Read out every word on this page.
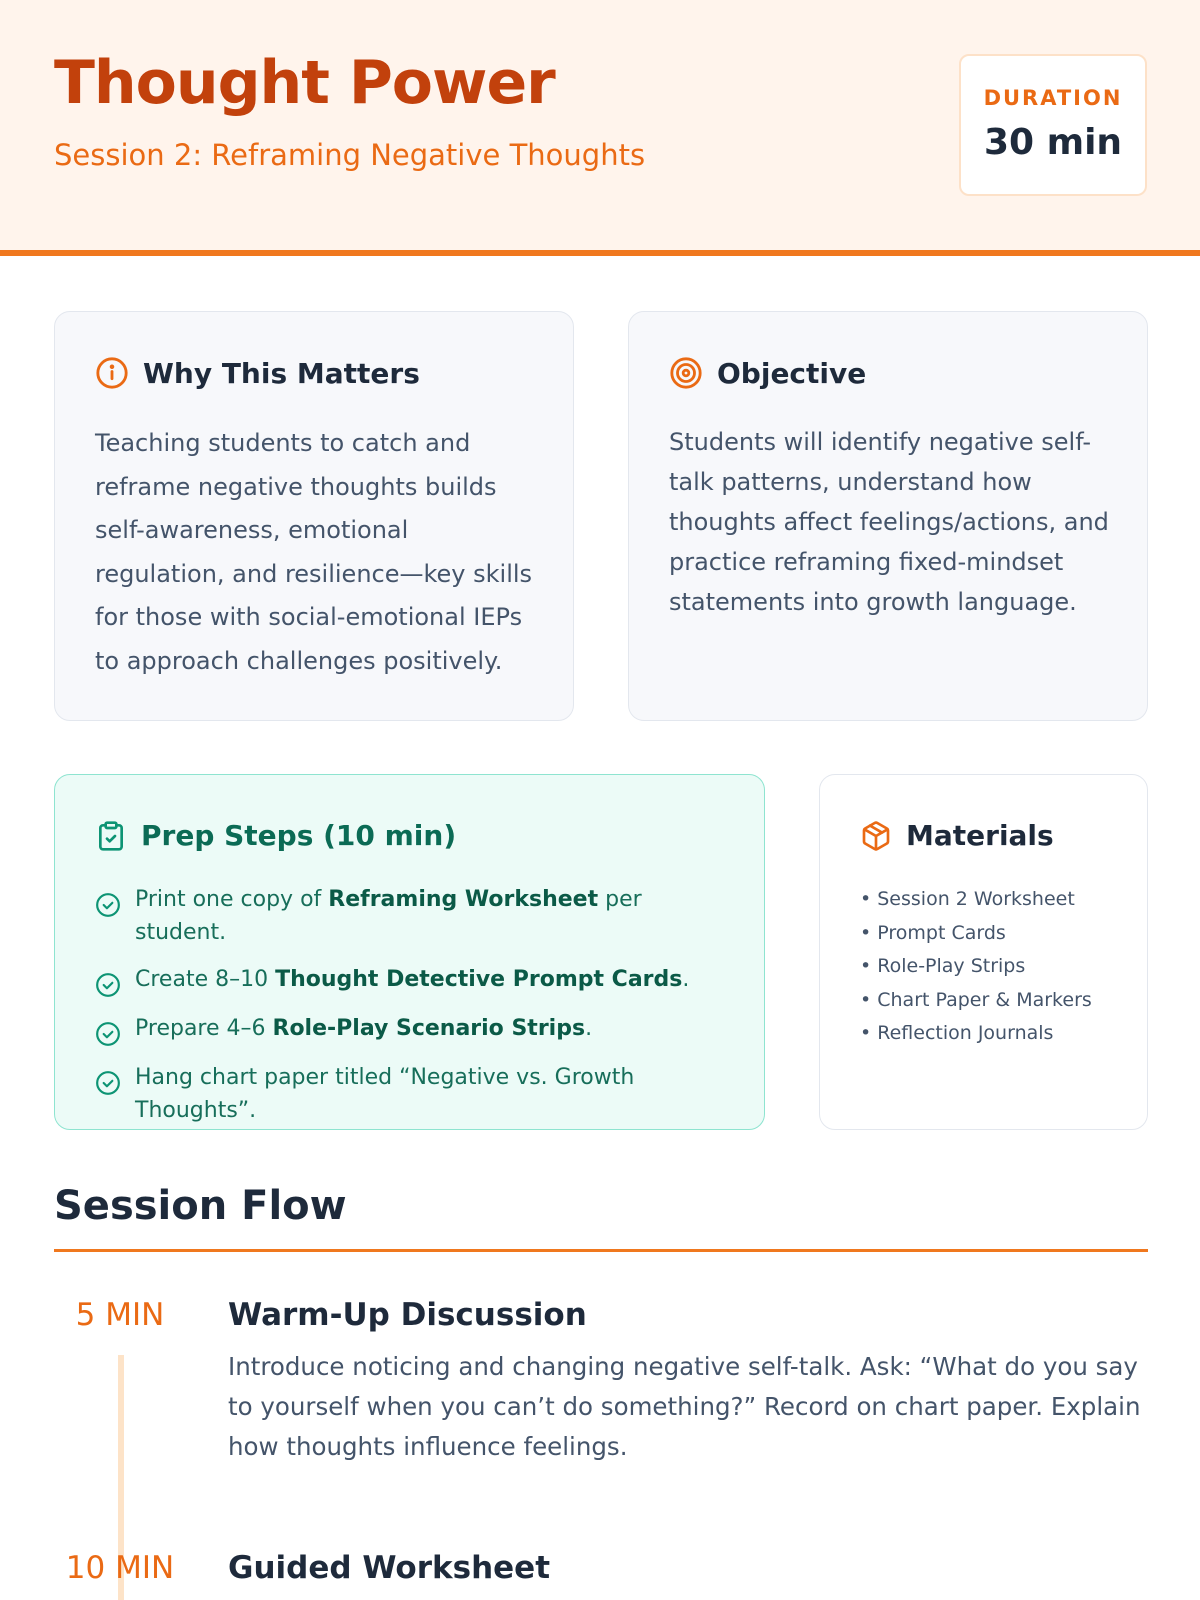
Thought Power
Session 2: Reframing Negative Thoughts
DURATION
30 min
Why This Matters

Teaching students to catch and reframe negative thoughts builds self-awareness, emotional regulation, and resilience—key skills for those with social-emotional IEPs to approach challenges positively.

Objective

Students will identify negative self-talk patterns, understand how thoughts affect feelings/actions, and practice reframing fixed-mindset statements into growth language.

Prep Steps (10 min)
Print one copy of Reframing Worksheet per student.
Create 8–10 Thought Detective Prompt Cards.
Prepare 4–6 Role-Play Scenario Strips.
Hang chart paper titled “Negative vs. Growth Thoughts”.
Materials
• Session 2 Worksheet
• Prompt Cards
• Role-Play Strips
• Chart Paper & Markers
• Reflection Journals
Session Flow
5 MIN	Warm-Up Discussion

Introduce noticing and changing negative self-talk. Ask: “What do you say to yourself when you can’t do something?” Record on chart paper. Explain how thoughts influence feelings.

10 MIN	Guided Worksheet
